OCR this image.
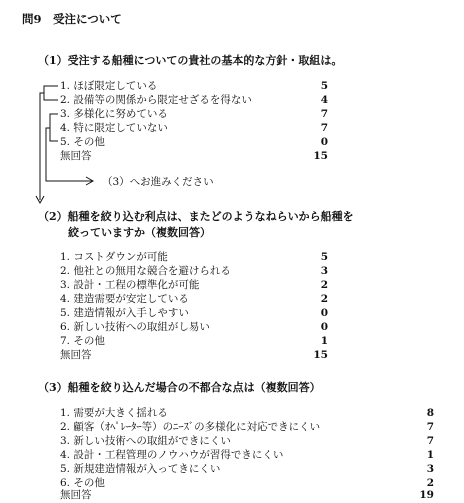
問9　受注について
（1）受注する船種についての貴社の基本的な方針・取組は。
1. ほぼ限定している	5
2. 設備等の関係から限定せざるを得ない	4
3. 多様化に努めている	7
4. 特に限定していない	7
5. その他	0
無回答	15
（3）へお進みください
（2）船種を絞り込む利点は、またどのようなねらいから船種を
絞っていますか（複数回答）
1. コストダウンが可能	5
2. 他社との無用な競合を避けられる	3
3. 設計・工程の標準化が可能	2
4. 建造需要が安定している	2
5. 建造情報が入手しやすい	0
6. 新しい技術への取組がし易い	0
7. その他	1
無回答	15
（3）船種を絞り込んだ場合の不都合な点は（複数回答）
1. 需要が大きく揺れる	8
2. 顧客（ｵﾍﾟﾚｰﾀｰ等）のﾆｰｽﾞの多様化に対応できにくい	7
3. 新しい技術への取組ができにくい	7
4. 設計・工程管理のノウハウが習得できにくい	1
5. 新規建造情報が入ってきにくい	3
6. その他	2
無回答	19
